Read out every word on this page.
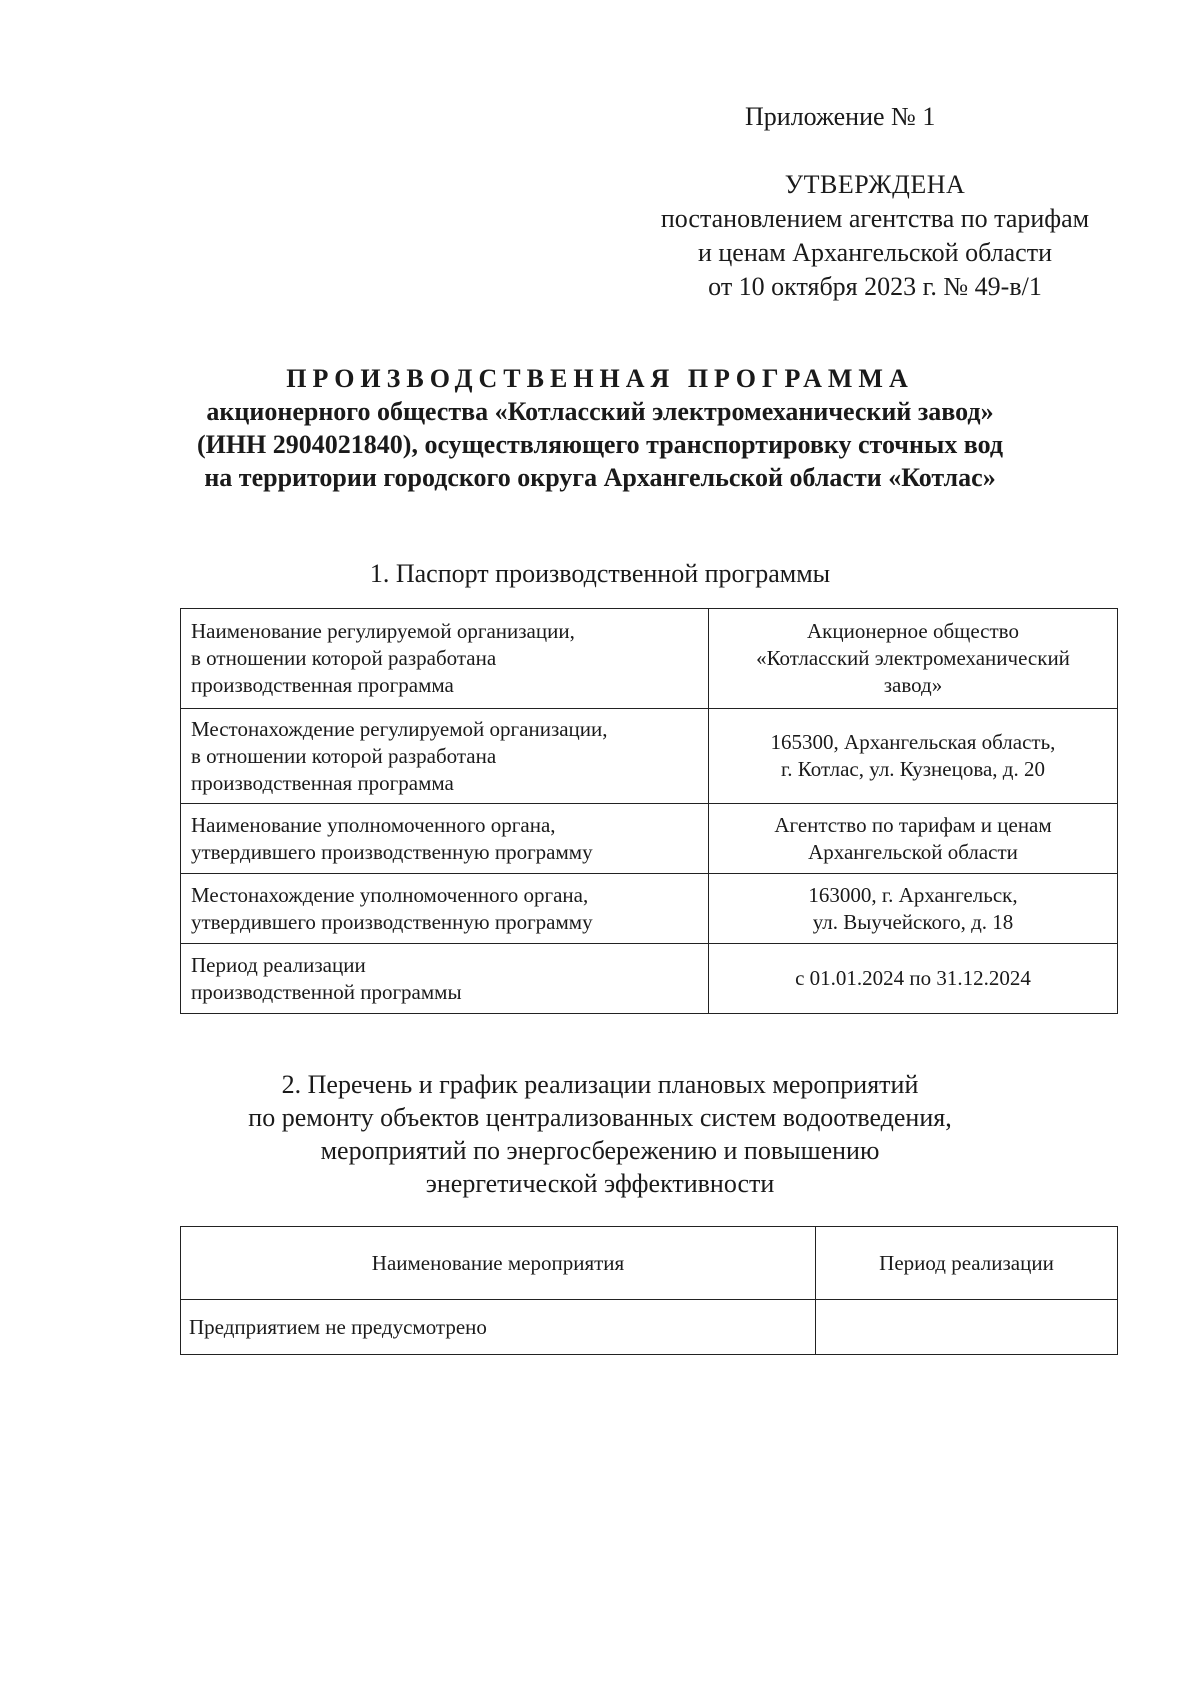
Приложение № 1
УТВЕРЖДЕНА
постановлением агентства по тарифам
и ценам Архангельской области
от 10 октября 2023 г. № 49-в/1
ПРОИЗВОДСТВЕННАЯ ПРОГРАММА
акционерного общества «Котласский электромеханический завод»
(ИНН 2904021840), осуществляющего транспортировку сточных вод
на территории городского округа Архангельской области «Котлас»
1. Паспорт производственной программы
Наименование регулируемой организации,
в отношении которой разработана
производственная программа	Акционерное общество
«Котласский электромеханический
завод»

Местонахождение регулируемой организации,
в отношении которой разработана
производственная программа	165300, Архангельская область,
г. Котлас, ул. Кузнецова, д. 20

Наименование уполномоченного органа,
утвердившего производственную программу	Агентство по тарифам и ценам
Архангельской области

Местонахождение уполномоченного органа,
утвердившего производственную программу	163000, г. Архангельск,
ул. Выучейского, д. 18

Период реализации
производственной программы	с 01.01.2024 по 31.12.2024
2. Перечень и график реализации плановых мероприятий
по ремонту объектов централизованных систем водоотведения,
мероприятий по энергосбережению и повышению
энергетической эффективности
Наименование мероприятия	Период реализации
Предприятием не предусмотрено	
